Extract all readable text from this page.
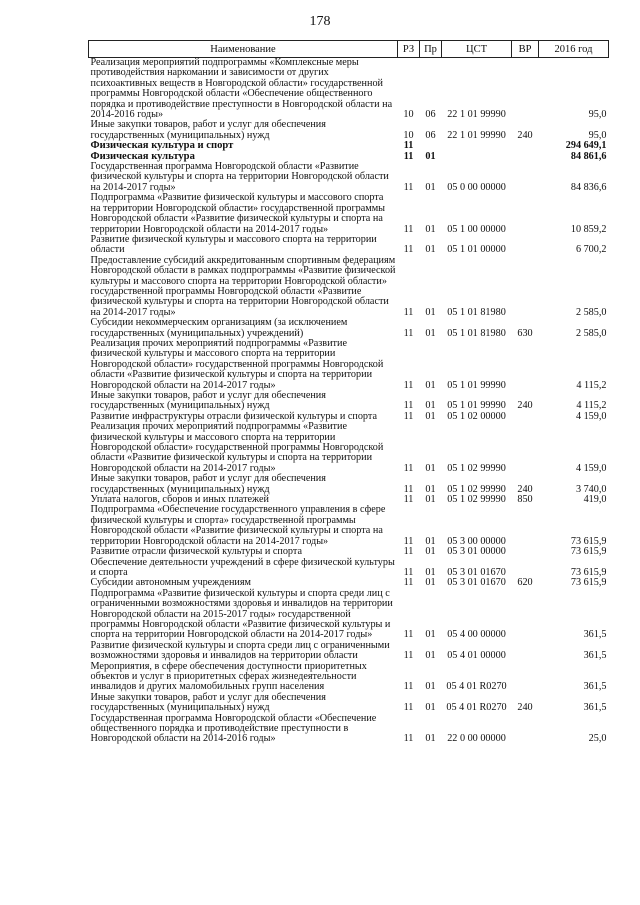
178
Наименование	РЗ	Пр	ЦСТ	ВР	2016 год
Реализация мероприятий подпрограммы «Комплексные меры противодействия наркомании и зависимости от других психоактивных веществ в Новгородской области» государственной программы Новгородской области «Обеспечение общественного порядка и противодействие преступности в Новгородской области на 2014-2016 годы»	10	06	22 1 01 99990		95,0
Иные закупки товаров, работ и услуг для обеспечения государственных (муниципальных) нужд	10	06	22 1 01 99990	240	95,0
Физическая культура и спорт	11				294 649,1
Физическая культура	11	01			84 861,6
Государственная программа Новгородской области «Развитие физической культуры и спорта на территории Новгородской области на 2014-2017 годы»	11	01	05 0 00 00000		84 836,6
Подпрограмма «Развитие физической культуры и массового спорта на территории Новгородской области» государственной программы Новгородской области «Развитие физической культуры и спорта на территории Новгородской области на 2014-2017 годы»	11	01	05 1 00 00000		10 859,2
Развитие физической культуры и массового спорта на территории области	11	01	05 1 01 00000		6 700,2
Предоставление субсидий аккредитованным спортивным федерациям Новгородской области в рамках подпрограммы «Развитие физической культуры и массового спорта на территории Новгородской области» государственной программы Новгородской области «Развитие физической культуры и спорта на территории Новгородской области на 2014-2017 годы»	11	01	05 1 01 81980		2 585,0
Субсидии некоммерческим организациям (за исключением государственных (муниципальных) учреждений)	11	01	05 1 01 81980	630	2 585,0
Реализация прочих мероприятий подпрограммы «Развитие физической культуры и массового спорта на территории Новгородской области» государственной программы Новгородской области «Развитие физической культуры и спорта на территории Новгородской области на 2014-2017 годы»	11	01	05 1 01 99990		4 115,2
Иные закупки товаров, работ и услуг для обеспечения государственных (муниципальных) нужд	11	01	05 1 01 99990	240	4 115,2
Развитие инфраструктуры отрасли физической культуры и спорта	11	01	05 1 02 00000		4 159,0
Реализация прочих мероприятий подпрограммы «Развитие физической культуры и массового спорта на территории Новгородской области» государственной программы Новгородской области «Развитие физической культуры и спорта на территории Новгородской области на 2014-2017 годы»	11	01	05 1 02 99990		4 159,0
Иные закупки товаров, работ и услуг для обеспечения государственных (муниципальных) нужд	11	01	05 1 02 99990	240	3 740,0
Уплата налогов, сборов и иных платежей	11	01	05 1 02 99990	850	419,0
Подпрограмма «Обеспечение государственного управления в сфере физической культуры и спорта» государственной программы Новгородской области «Развитие физической культуры и спорта на территории Новгородской области на 2014-2017 годы»	11	01	05 3 00 00000		73 615,9
Развитие отрасли физической культуры и спорта	11	01	05 3 01 00000		73 615,9
Обеспечение деятельности учреждений в сфере физической культуры и спорта	11	01	05 3 01 01670		73 615,9
Субсидии автономным учреждениям	11	01	05 3 01 01670	620	73 615,9
Подпрограмма «Развитие физической культуры и спорта среди лиц с ограниченными возможностями здоровья и инвалидов на территории Новгородской области на 2015-2017 годы» государственной программы Новгородской области «Развитие физической культуры и спорта на территории Новгородской области на 2014-2017 годы»	11	01	05 4 00 00000		361,5
Развитие физической культуры и спорта среди лиц с ограниченными возможностями здоровья и инвалидов на территории области	11	01	05 4 01 00000		361,5
Мероприятия, в сфере обеспечения доступности приоритетных объектов и услуг в приоритетных сферах жизнедеятельности инвалидов и других маломобильных групп населения	11	01	05 4 01 R0270		361,5
Иные закупки товаров, работ и услуг для обеспечения государственных (муниципальных) нужд	11	01	05 4 01 R0270	240	361,5
Государственная программа Новгородской области «Обеспечение общественного порядка и противодействие преступности в Новгородской области на 2014-2016 годы»	11	01	22 0 00 00000		25,0
